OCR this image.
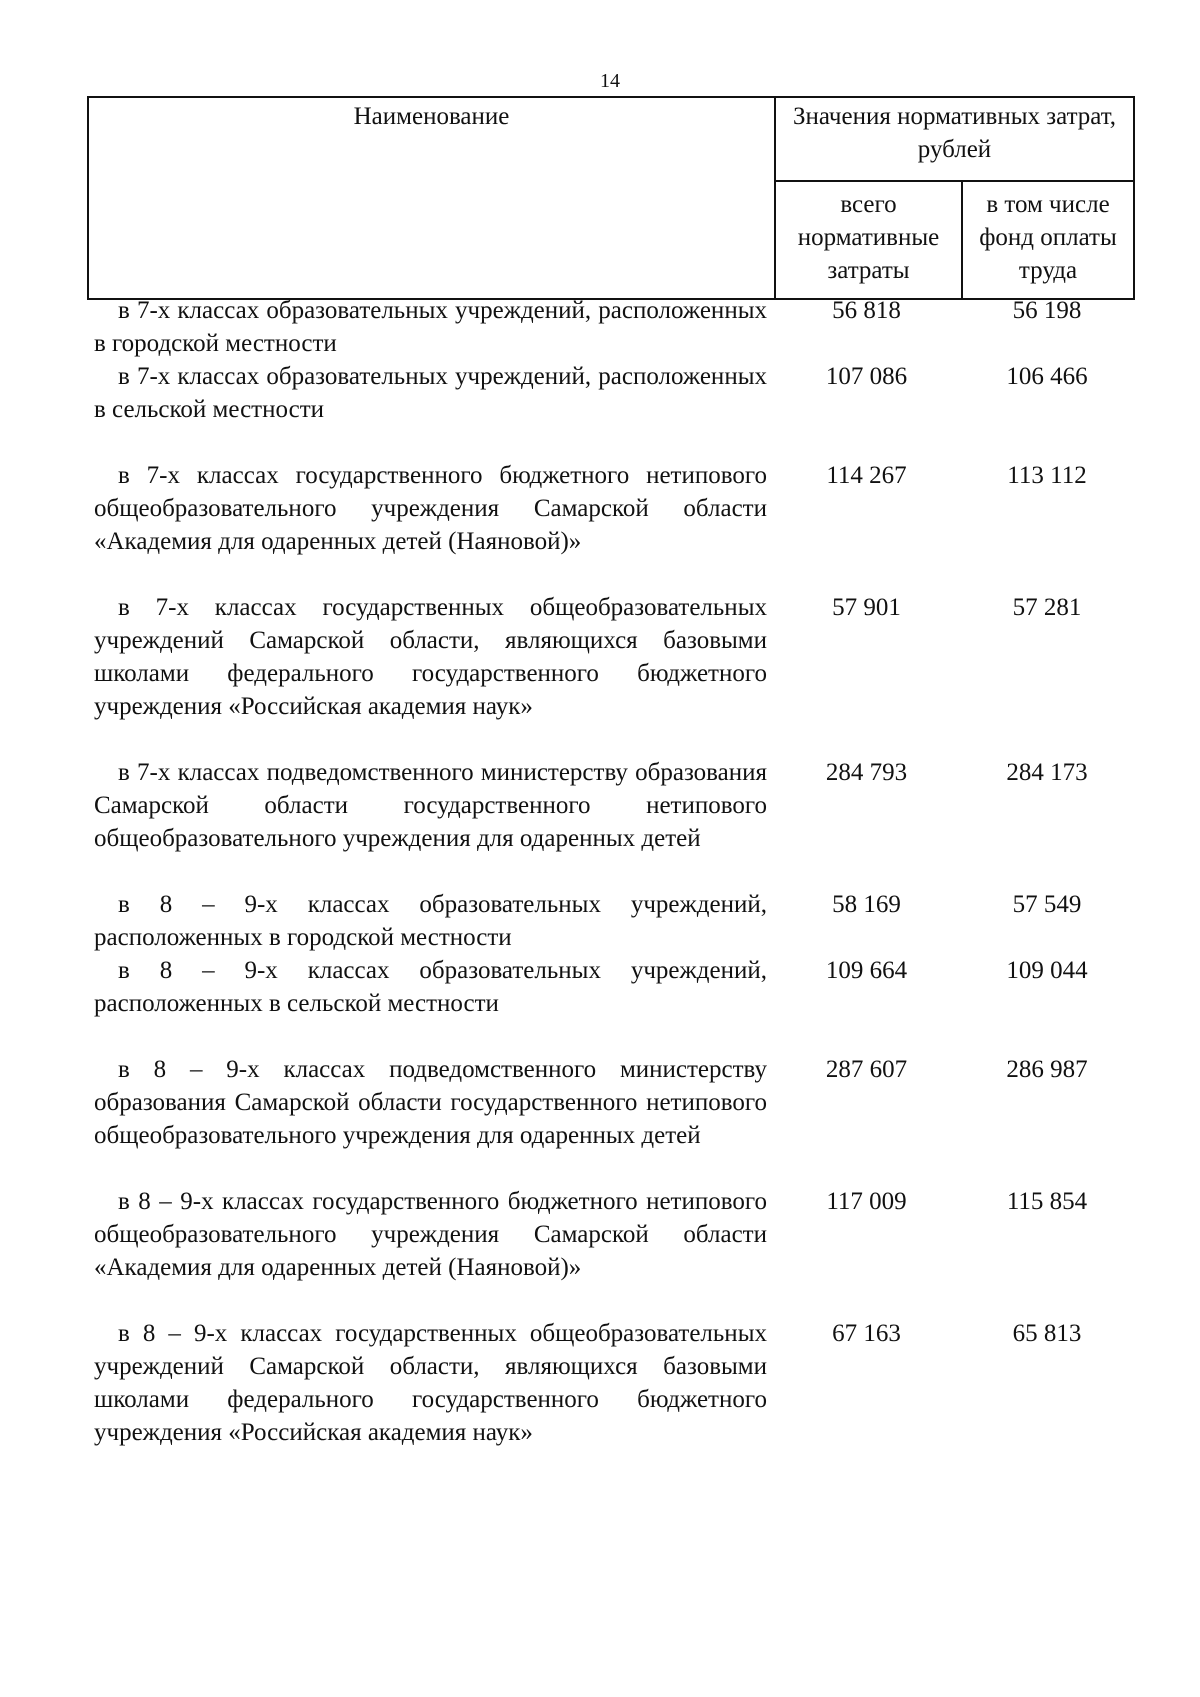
14
Наименование	Значения нормативных затрат, рублей	
	всего нормативные затраты	в том числе фонд оплаты труда
в 7-х классах образовательных учреждений, расположенных в городской местности
56 818	56 198
в 7-х классах образовательных учреждений, расположенных в сельской местности
107 086	106 466
в 7-х классах государственного бюджетного нетипового общеобразовательного учреждения Самарской области «Академия для одаренных детей (Наяновой)»
114 267	113 112
в 7-х классах государственных общеобразовательных учреждений Самарской области, являющихся базовыми школами федерального государственного бюджетного учреждения «Российская академия наук»
57 901	57 281
в 7-х классах подведомственного министерству образования Самарской области государственного нетипового общеобразовательного учреждения для одаренных детей
284 793	284 173
в 8 – 9-х классах образовательных учреждений, расположенных в городской местности
58 169	57 549
в 8 – 9-х классах образовательных учреждений, расположенных в сельской местности
109 664	109 044
в 8 – 9-х классах подведомственного министерству образования Самарской области государственного нетипового общеобразовательного учреждения для одаренных детей
287 607	286 987
в 8 – 9-х классах государственного бюджетного нетипового общеобразовательного учреждения Самарской области «Академия для одаренных детей (Наяновой)»
117 009	115 854
в 8 – 9-х классах государственных общеобразовательных учреждений Самарской области, являющихся базовыми школами федерального государственного бюджетного учреждения «Российская академия наук»
67 163	65 813
